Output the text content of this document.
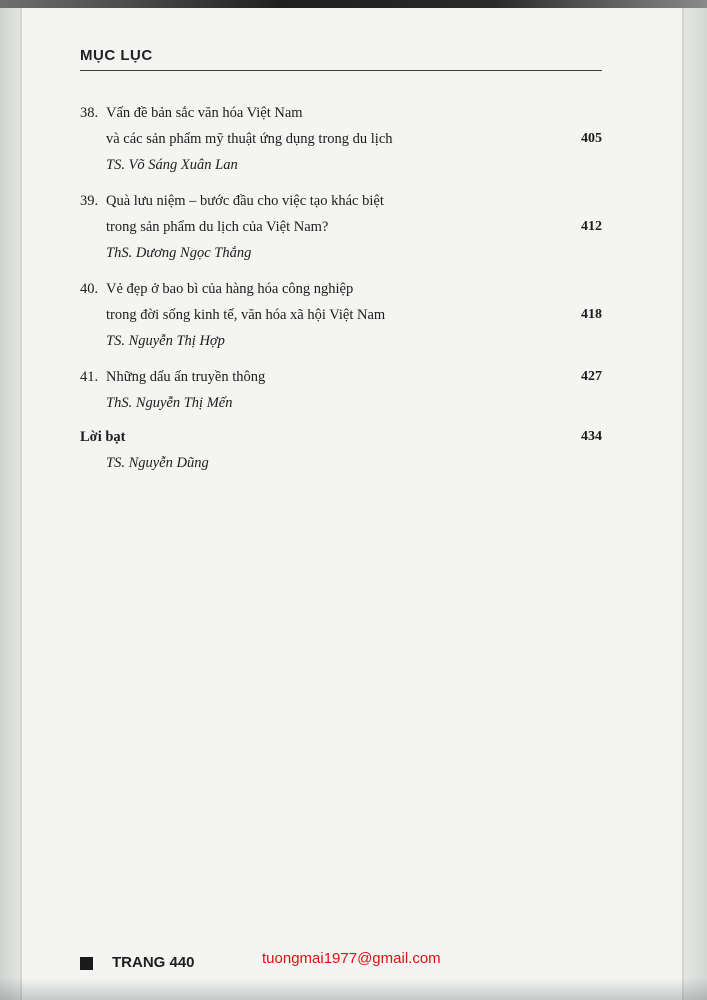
MỤC LỤC
38. Vấn đề bản sắc văn hóa Việt Nam
và các sản phẩm mỹ thuật ứng dụng trong du lịch	405
TS. Võ Sáng Xuân Lan
39. Quà lưu niệm – bước đầu cho việc tạo khác biệt
trong sản phẩm du lịch của Việt Nam?	412
ThS. Dương Ngọc Thắng
40. Vẻ đẹp ở bao bì của hàng hóa công nghiệp
trong đời sống kinh tế, văn hóa xã hội Việt Nam	418
TS. Nguyễn Thị Hợp
41. Những dấu ấn truyền thông	427
ThS. Nguyễn Thị Mến
Lời bạt	434
TS. Nguyễn Dũng
TRANG 440	tuongmai1977@gmail.com
